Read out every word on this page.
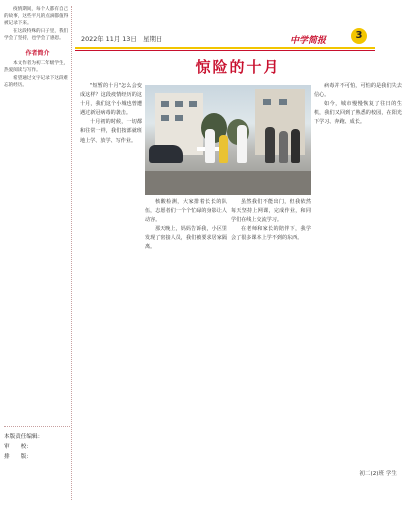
疫情期间，每个人都有自己的故事，这些平凡的点滴都值得被记录下来。

在这段特殊的日子里，我们学会了坚持，也学会了感恩。

作者简介

本文作者为初二年级学生，热爱阅读与写作。

希望通过文字记录下这段难忘的经历。

本版责任编辑：
审　　校：
排　　版：
2022年 11月 13日　星期日	中学简报	3
惊险的十月

"短暂的十月"怎么会变成这样？这段疫情经历的这十月，我们这个小城也曾遭遇过新冠病毒的袭击。

十月初的时候，一切都和往常一样，我们按部就班地上学、放学、写作业。

核酸检测，大家排着长长的队伍，志愿者们一个个忙碌的身影让人动容。

那天晚上，妈妈告诉我，小区里发现了密接人员，我们被要求居家隔离。

虽然我们不能出门，但我依然每天坚持上网课，完成作业，和同学们在线上交流学习。

在老师和家长的陪伴下，我学会了很多课本上学不到的东西。

病毒并不可怕，可怕的是我们失去信心。

如今，城市慢慢恢复了往日的生机，我们又回到了熟悉的校园，在阳光下学习、奔跑、成长。

初二(2)班 学生
